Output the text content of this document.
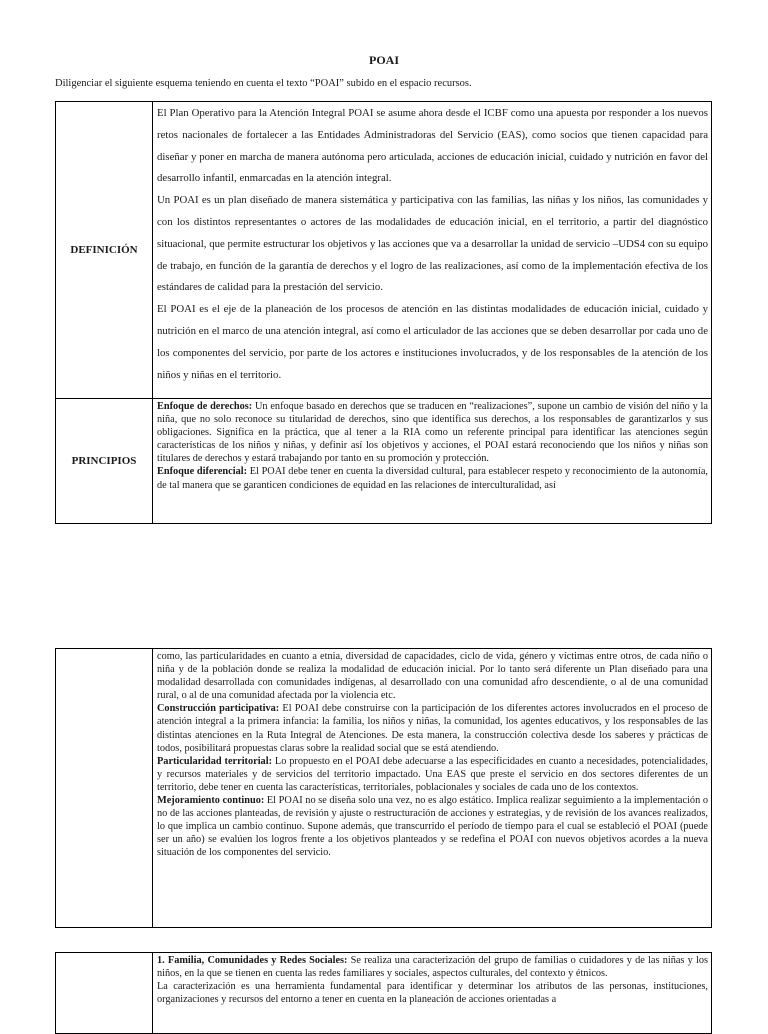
POAI
Diligenciar el siguiente esquema teniendo en cuenta el texto “POAI” subido en el espacio recursos.
DEFINICIÓN	El Plan Operativo para la Atención Integral POAI se asume ahora desde el ICBF como una apuesta por responder a los nuevos retos nacionales de fortalecer a las Entidades Administradoras del Servicio (EAS), como socios que tienen capacidad para diseñar y poner en marcha de manera autónoma pero articulada, acciones de educación inicial, cuidado y nutrición en favor del desarrollo infantil, enmarcadas en la atención integral.

Un POAI es un plan diseñado de manera sistemática y participativa con las familias, las niñas y los niños, las comunidades y con los distintos representantes o actores de las modalidades de educación inicial, en el territorio, a partir del diagnóstico situacional, que permite estructurar los objetivos y las acciones que va a desarrollar la unidad de servicio –UDS4 con su equipo de trabajo, en función de la garantía de derechos y el logro de las realizaciones, así como de la implementación efectiva de los estándares de calidad para la prestación del servicio.

El POAI es el eje de la planeación de los procesos de atención en las distintas modalidades de educación inicial, cuidado y nutrición en el marco de una atención integral, así como el articulador de las acciones que se deben desarrollar por cada uno de los componentes del servicio, por parte de los actores e instituciones involucrados, y de los responsables de la atención de los niños y niñas en el territorio.

PRINCIPIOS	Enfoque de derechos: Un enfoque basado en derechos que se traducen en “realizaciones”, supone un cambio de visión del niño y la niña, que no solo reconoce su titularidad de derechos, sino que identifica sus derechos, a los responsables de garantizarlos y sus obligaciones. Significa en la práctica, que al tener a la RIA como un referente principal para identificar las atenciones según características de los niños y niñas, y definir así los objetivos y acciones, el POAI estará reconociendo que los niños y niñas son titulares de derechos y estará trabajando por tanto en su promoción y protección.

Enfoque diferencial: El POAI debe tener en cuenta la diversidad cultural, para establecer respeto y reconocimiento de la autonomía, de tal manera que se garanticen condiciones de equidad en las relaciones de interculturalidad, así

como, las particularidades en cuanto a etnia, diversidad de capacidades, ciclo de vida, género y víctimas entre otros, de cada niño o niña y de la población donde se realiza la modalidad de educación inicial. Por lo tanto será diferente un Plan diseñado para una modalidad desarrollada con comunidades indígenas, al desarrollado con una comunidad afro descendiente, o al de una comunidad rural, o al de una comunidad afectada por la violencia etc.

Construcción participativa: El POAI debe construirse con la participación de los diferentes actores involucrados en el proceso de atención integral a la primera infancia: la familia, los niños y niñas, la comunidad, los agentes educativos, y los responsables de las distintas atenciones en la Ruta Integral de Atenciones. De esta manera, la construcción colectiva desde los saberes y prácticas de todos, posibilitará propuestas claras sobre la realidad social que se está atendiendo.

Particularidad territorial: Lo propuesto en el POAI debe adecuarse a las especificidades en cuanto a necesidades, potencialidades, y recursos materiales y de servicios del territorio impactado. Una EAS que preste el servicio en dos sectores diferentes de un territorio, debe tener en cuenta las características, territoriales, poblacionales y sociales de cada uno de los contextos.

Mejoramiento continuo: El POAI no se diseña solo una vez, no es algo estático. Implica realizar seguimiento a la implementación o no de las acciones planteadas, de revisión y ajuste o restructuración de acciones y estrategias, y de revisión de los avances realizados, lo que implica un cambio continuo. Supone además, que transcurrido el período de tiempo para el cual se estableció el POAI (puede ser un año) se evalúen los logros frente a los objetivos planteados y se redefina el POAI con nuevos objetivos acordes a la nueva situación de los componentes del servicio.

1. Familia, Comunidades y Redes Sociales: Se realiza una caracterización del grupo de familias o cuidadores y de las niñas y los niños, en la que se tienen en cuenta las redes familiares y sociales, aspectos culturales, del contexto y étnicos.

La caracterización es una herramienta fundamental para identificar y determinar los atributos de las personas, instituciones, organizaciones y recursos del entorno a tener en cuenta en la planeación de acciones orientadas a
